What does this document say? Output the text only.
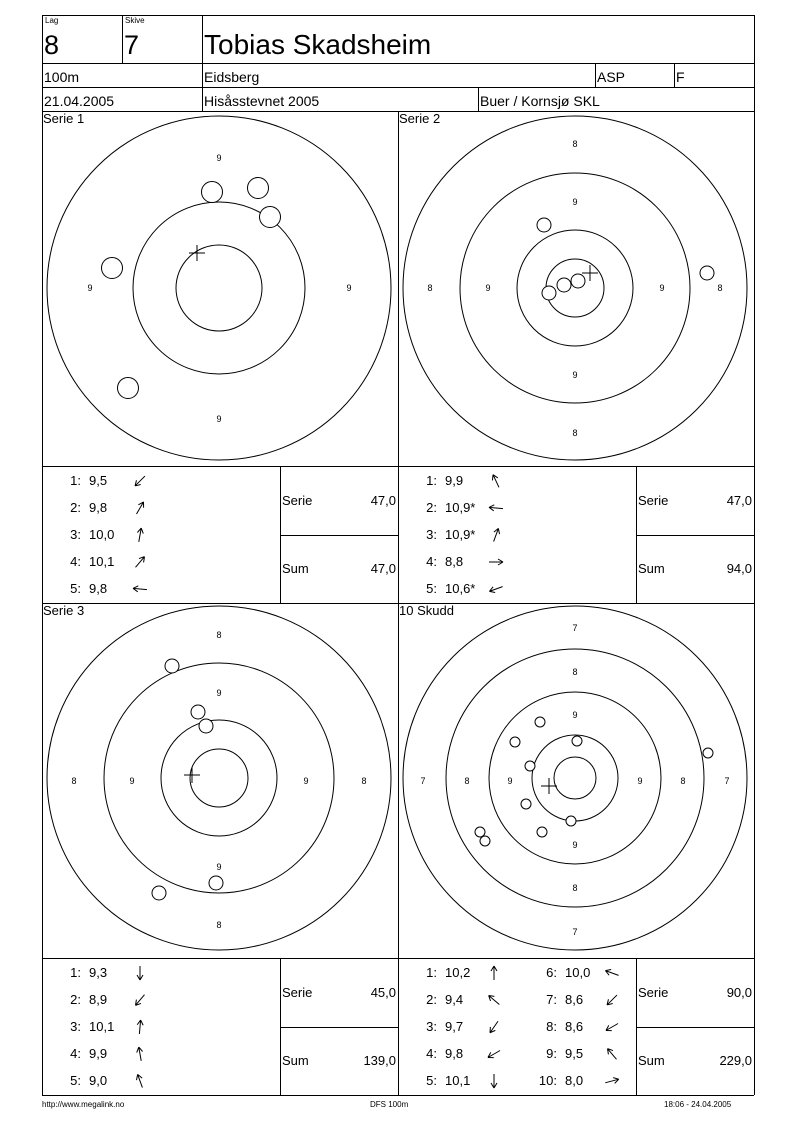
Lag
8
Skive
7 Tobias Skadsheim
100m	Eidsberg	ASP	F
21.04.2005	Hisåsstevnet 2005	Buer / Kornsjø SKL
Serie 1
9
9
9	9
Serie 2
8
8
8	8
9
9
9	9
Serie 3
8
8
8	8
9
9
9	9
10 Skudd
7
7
7	7
8
8
8	8
9
9
9	9
1: 9,5
2: 9,8
3: 10,0
4: 10,1
5: 9,8
Serie	47,0
Sum	47,0
1: 9,9
2: 10,9*
3: 10,9*
4: 8,8
5: 10,6*
Serie	47,0
Sum	94,0
1: 9,3
2: 8,9
3: 10,1
4: 9,9
5: 9,0
Serie	45,0
Sum	139,0
1: 10,2	6: 10,0
2: 9,4	7: 8,6
3: 9,7	8: 8,6
4: 9,8	9: 9,5
5: 10,1	10: 8,0
Serie	90,0
Sum	229,0
http://www.megalink.no	DFS 100m	18:06 - 24.04.2005
